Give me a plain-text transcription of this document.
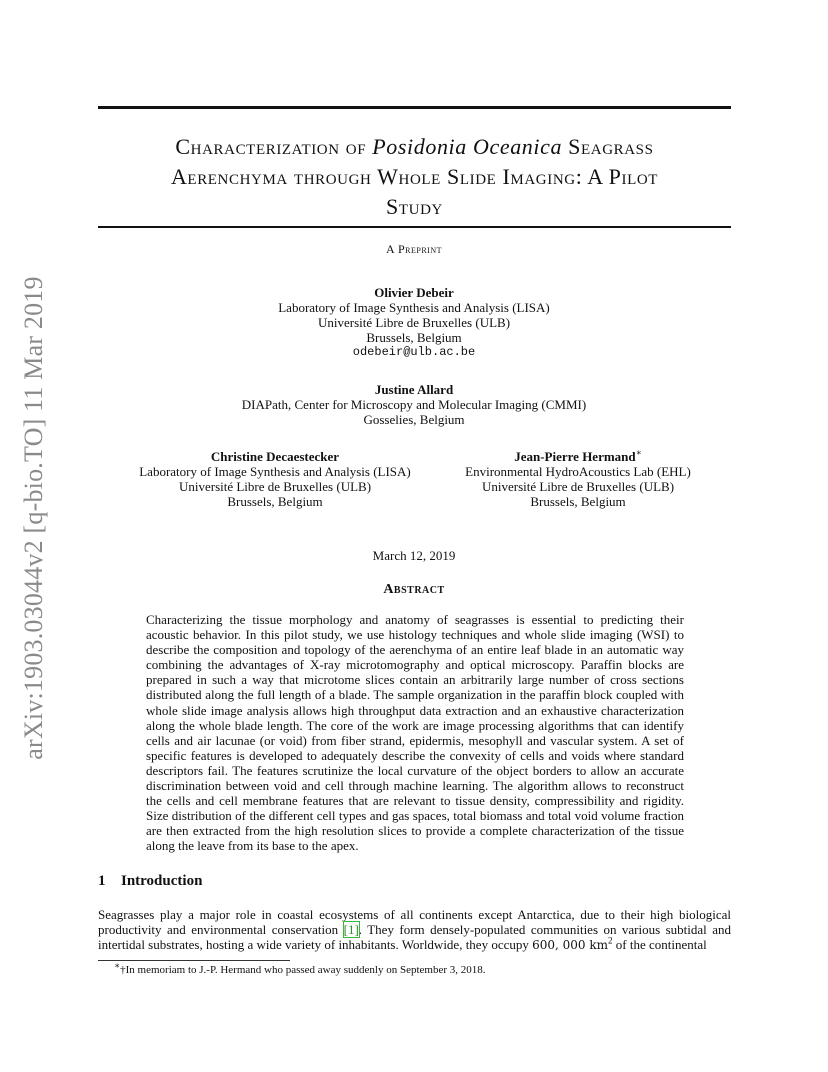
arXiv:1903.03044v2 [q-bio.TO] 11 Mar 2019
Characterization of Posidonia Oceanica Seagrass
Aerenchyma through Whole Slide Imaging: A Pilot
Study
A Preprint
Olivier Debeir
Laboratory of Image Synthesis and Analysis (LISA)
Université Libre de Bruxelles (ULB)
Brussels, Belgium
odebeir@ulb.ac.be
Justine Allard
DIAPath, Center for Microscopy and Molecular Imaging (CMMI)
Gosselies, Belgium
Christine Decaestecker
Laboratory of Image Synthesis and Analysis (LISA)
Université Libre de Bruxelles (ULB)
Brussels, Belgium
Jean-Pierre Hermand∗
Environmental HydroAcoustics Lab (EHL)
Université Libre de Bruxelles (ULB)
Brussels, Belgium
March 12, 2019
Abstract
Characterizing the tissue morphology and anatomy of seagrasses is essential to predicting their acoustic behavior. In this pilot study, we use histology techniques and whole slide imaging (WSI) to describe the composition and topology of the aerenchyma of an entire leaf blade in an automatic way combining the advantages of X-ray microtomography and optical microscopy. Paraffin blocks are prepared in such a way that microtome slices contain an arbitrarily large number of cross sections distributed along the full length of a blade. The sample organization in the paraffin block coupled with whole slide image analysis allows high throughput data extraction and an exhaustive characterization along the whole blade length. The core of the work are image processing algorithms that can identify cells and air lacunae (or void) from fiber strand, epidermis, mesophyll and vascular system. A set of specific features is developed to adequately describe the convexity of cells and voids where standard descriptors fail. The features scrutinize the local curvature of the object borders to allow an accurate discrimination between void and cell through machine learning. The algorithm allows to reconstruct the cells and cell membrane features that are relevant to tissue density, compressibility and rigidity. Size distribution of the different cell types and gas spaces, total biomass and total void volume fraction are then extracted from the high resolution slices to provide a complete characterization of the tissue along the leave from its base to the apex.
1 Introduction
Seagrasses play a major role in coastal ecosystems of all continents except Antarctica, due to their high biological productivity and environmental conservation [1]. They form densely-populated communities on various subtidal and intertidal substrates, hosting a wide variety of inhabitants. Worldwide, they occupy 600, 000 $km^2$ of the continental
∗†In memoriam to J.-P. Hermand who passed away suddenly on September 3, 2018.
